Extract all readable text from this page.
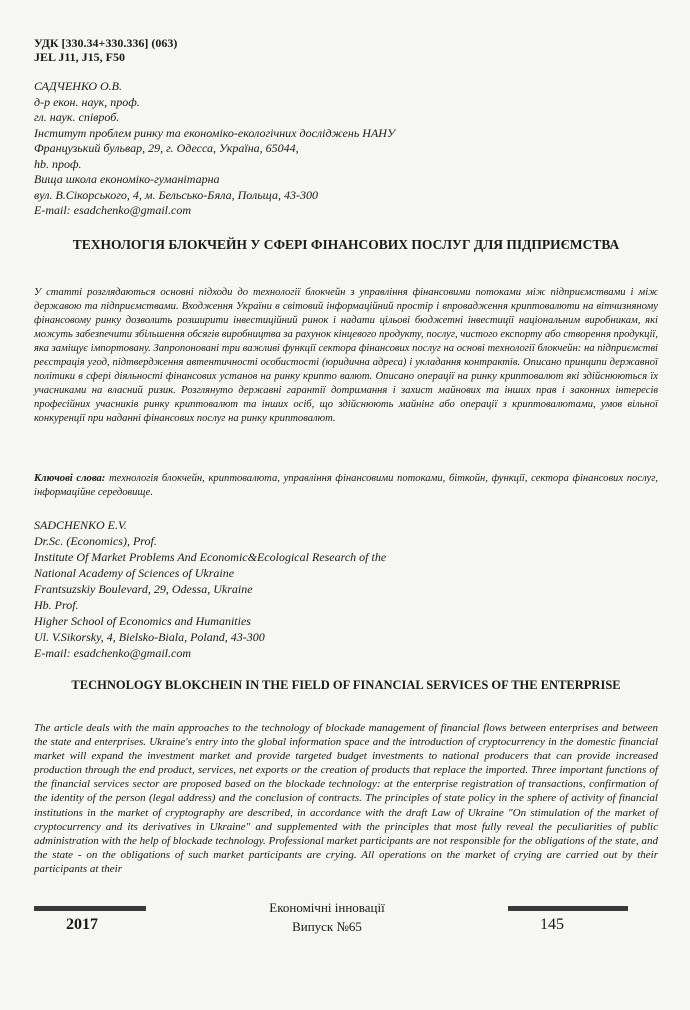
УДК [330.34+330.336] (063)
JEL J11, J15, F50
САДЧЕНКО О.В.
д-р екон. наук, проф.
гл. наук. співроб.
Інститут проблем ринку та економіко-екологічних досліджень НАНУ
Французький бульвар, 29, г. Одесса, Україна, 65044,
hb. проф.
Вища школа економіко-гуманітарна
вул. В.Сікорського, 4, м. Бельсько-Бяла, Польща, 43-300
E-mail: esadchenko@gmail.com
ТЕХНОЛОГІЯ БЛОКЧЕЙН У СФЕРІ ФІНАНСОВИХ ПОСЛУГ ДЛЯ ПІДПРИЄМСТВА
У статті розглядаються основні підходи до технології блокчейн з управління фінансовими потоками між підприємствами і між державою та підприємствами. Входження України в світовий інформаційний простір і впровадження криптовалюти на вітчизняному фінансовому ринку дозволить розширити інвестиційний ринок і надати цільові бюджетні інвестиції національним виробникам, які можуть забезпечити збільшення обсягів виробництва за рахунок кінцевого продукту, послуг, чистого експорту або створення продукції, яка заміщує імпортовану. Запропоновані три важливі функції сектора фінансових послуг на основі технології блокчейн: на підприємстві реєстрація угод, підтвердження автентичності особистості (юридична адреса) і укладання контрактів. Описано принципи державної політики в сфері діяльності фінансових установ на ринку крипто валют. Описано операції на ринку криптовалют які здійснюються їх учасниками на власний ризик. Розглянуто державні гарантії дотримання і захист майнових та інших прав і законних інтересів професійних учасників ринку криптовалют та інших осіб, що здійснюють майнінг або операції з криптовалютами, умов вільної конкуренції при наданні фінансових послуг на ринку криптовалют.
Ключові слова: технологія блокчейн, криптовалюта, управління фінансовими потоками, біткойн, функції, сектора фінансових послуг, інформаційне середовище.
SADCHENKO E.V.
Dr.Sc. (Economics), Prof.
Institute Of Market Problems And Economic&Ecological Research of the
National Academy of Sciences of Ukraine
Frantsuzskiy Boulevard, 29, Odessa, Ukraine
Hb. Prof.
Higher School of Economics and Humanities
Ul. V.Sikorsky, 4, Bielsko-Biala, Poland, 43-300
E-mail: esadchenko@gmail.com
TECHNOLOGY BLOKCHEIN IN THE FIELD OF FINANCIAL SERVICES OF THE ENTERPRISE
The article deals with the main approaches to the technology of blockade management of financial flows between enterprises and between the state and enterprises. Ukraine's entry into the global information space and the introduction of cryptocurrency in the domestic financial market will expand the investment market and provide targeted budget investments to national producers that can provide increased production through the end product, services, net exports or the creation of products that replace the imported. Three important functions of the financial services sector are proposed based on the blockade technology: at the enterprise registration of transactions, confirmation of the identity of the person (legal address) and the conclusion of contracts. The principles of state policy in the sphere of activity of financial institutions in the market of cryptography are described, in accordance with the draft Law of Ukraine "On stimulation of the market of cryptocurrency and its derivatives in Ukraine" and supplemented with the principles that most fully reveal the peculiarities of public administration with the help of blockade technology. Professional market participants are not responsible for the obligations of the state, and the state - on the obligations of such market participants are crying. All operations on the market of crying are carried out by their participants at their
Економічні інновації
2017	Випуск №65	145
